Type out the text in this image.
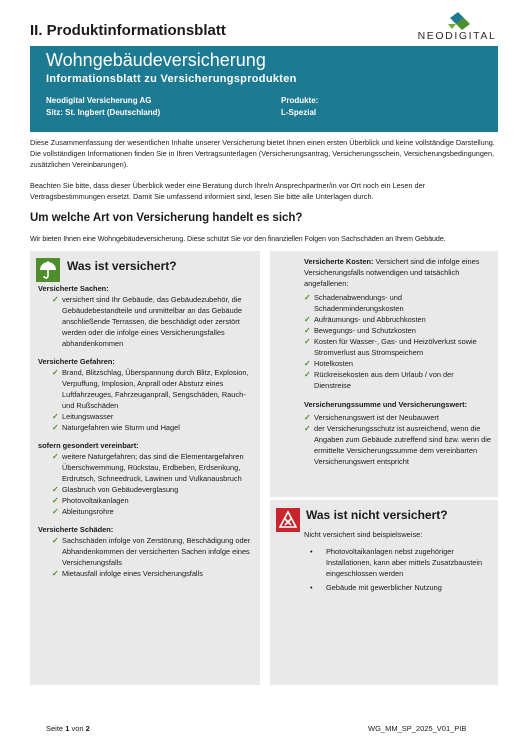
II. Produktinformationsblatt	NEODIGITAL
Wohngebäudeversicherung
Informationsblatt zu Versicherungsprodukten
Neodigital Versicherung AG
Sitz: St. Ingbert (Deutschland)
Produkte:
L-Spezial
Diese Zusammenfassung der wesentlichen Inhalte unserer Versicherung bietet Ihnen einen ersten Überblick und keine vollständige Darstellung. Die vollständigen Informationen finden Sie in Ihren Vertragsunterlagen (Versicherungsantrag, Versicherungsschein, Versicherungsbedingungen, zusätzlichen Vereinbarungen).
Beachten Sie bitte, dass dieser Überblick weder eine Beratung durch Ihre/n Ansprechpartner/in vor Ort noch ein Lesen der Vertragsbestimmungen ersetzt. Damit Sie umfassend informiert sind, lesen Sie bitte alle Unterlagen durch.
Um welche Art von Versicherung handelt es sich?
Wir bieten Ihnen eine Wohngebäudeversicherung. Diese schützt Sie vor den finanziellen Folgen von Sachschäden an Ihrem Gebäude.
Was ist versichert?
Versicherte Sachen:
✓ versichert sind Ihr Gebäude, das Gebäudezubehör, die Gebäudebestandteile und unmittelbar an das Gebäude anschließende Terrassen, die beschädigt oder zerstört werden oder die infolge eines Versicherungsfalles abhandenkommen
Versicherte Gefahren:
✓ Brand, Blitzschlag, Überspannung durch Blitz, Explosion, Verpuffung, Implosion, Anprall oder Absturz eines Luftfahrzeuges, Fahrzeuganprall, Sengschäden, Rauch- und Rußschäden
✓ Leitungswasser
✓ Naturgefahren wie Sturm und Hagel
sofern gesondert vereinbart:
✓ weitere Naturgefahren; das sind die Elementargefahren Überschwemmung, Rückstau, Erdbeben, Erdsenkung, Erdrutsch, Schneedruck, Lawinen und Vulkanausbruch
✓ Glasbruch von Gebäudeverglasung
✓ Photovoltaikanlagen
✓ Ableitungsrohre
Versicherte Schäden:
✓ Sachschäden infolge von Zerstörung, Beschädigung oder Abhandenkommen der versicherten Sachen infolge eines Versicherungsfalls
✓ Mietausfall infolge eines Versicherungsfalls
Versicherte Kosten: Versichert sind die infolge eines Versicherungsfalls notwendigen und tatsächlich angefallenen:
✓ Schadenabwendungs- und Schadenminderungskosten
✓ Aufräumungs- und Abbruchkosten
✓ Bewegungs- und Schutzkosten
✓ Kosten für Wasser-, Gas- und Heizölverlust sowie Stromverlust aus Stromspeichern
✓ Hotelkosten
✓ Rückreisekosten aus dem Urlaub / von der Dienstreise
Versicherungssumme und Versicherungswert:
✓ Versicherungswert ist der Neubauwert
✓ der Versicherungsschutz ist ausreichend, wenn die Angaben zum Gebäude zutreffend sind bzw. wenn die ermittelte Versicherungssumme dem vereinbarten Versicherungswert entspricht
Was ist nicht versichert?
Nicht versichert sind beispielsweise:
•	Photovoltaikanlagen nebst zugehöriger Installationen, kann aber mittels Zusatzbaustein eingeschlossen werden
•	Gebäude mit gewerblicher Nutzung
Seite 1 von 2	WG_MM_SP_2025_V01_PIB
